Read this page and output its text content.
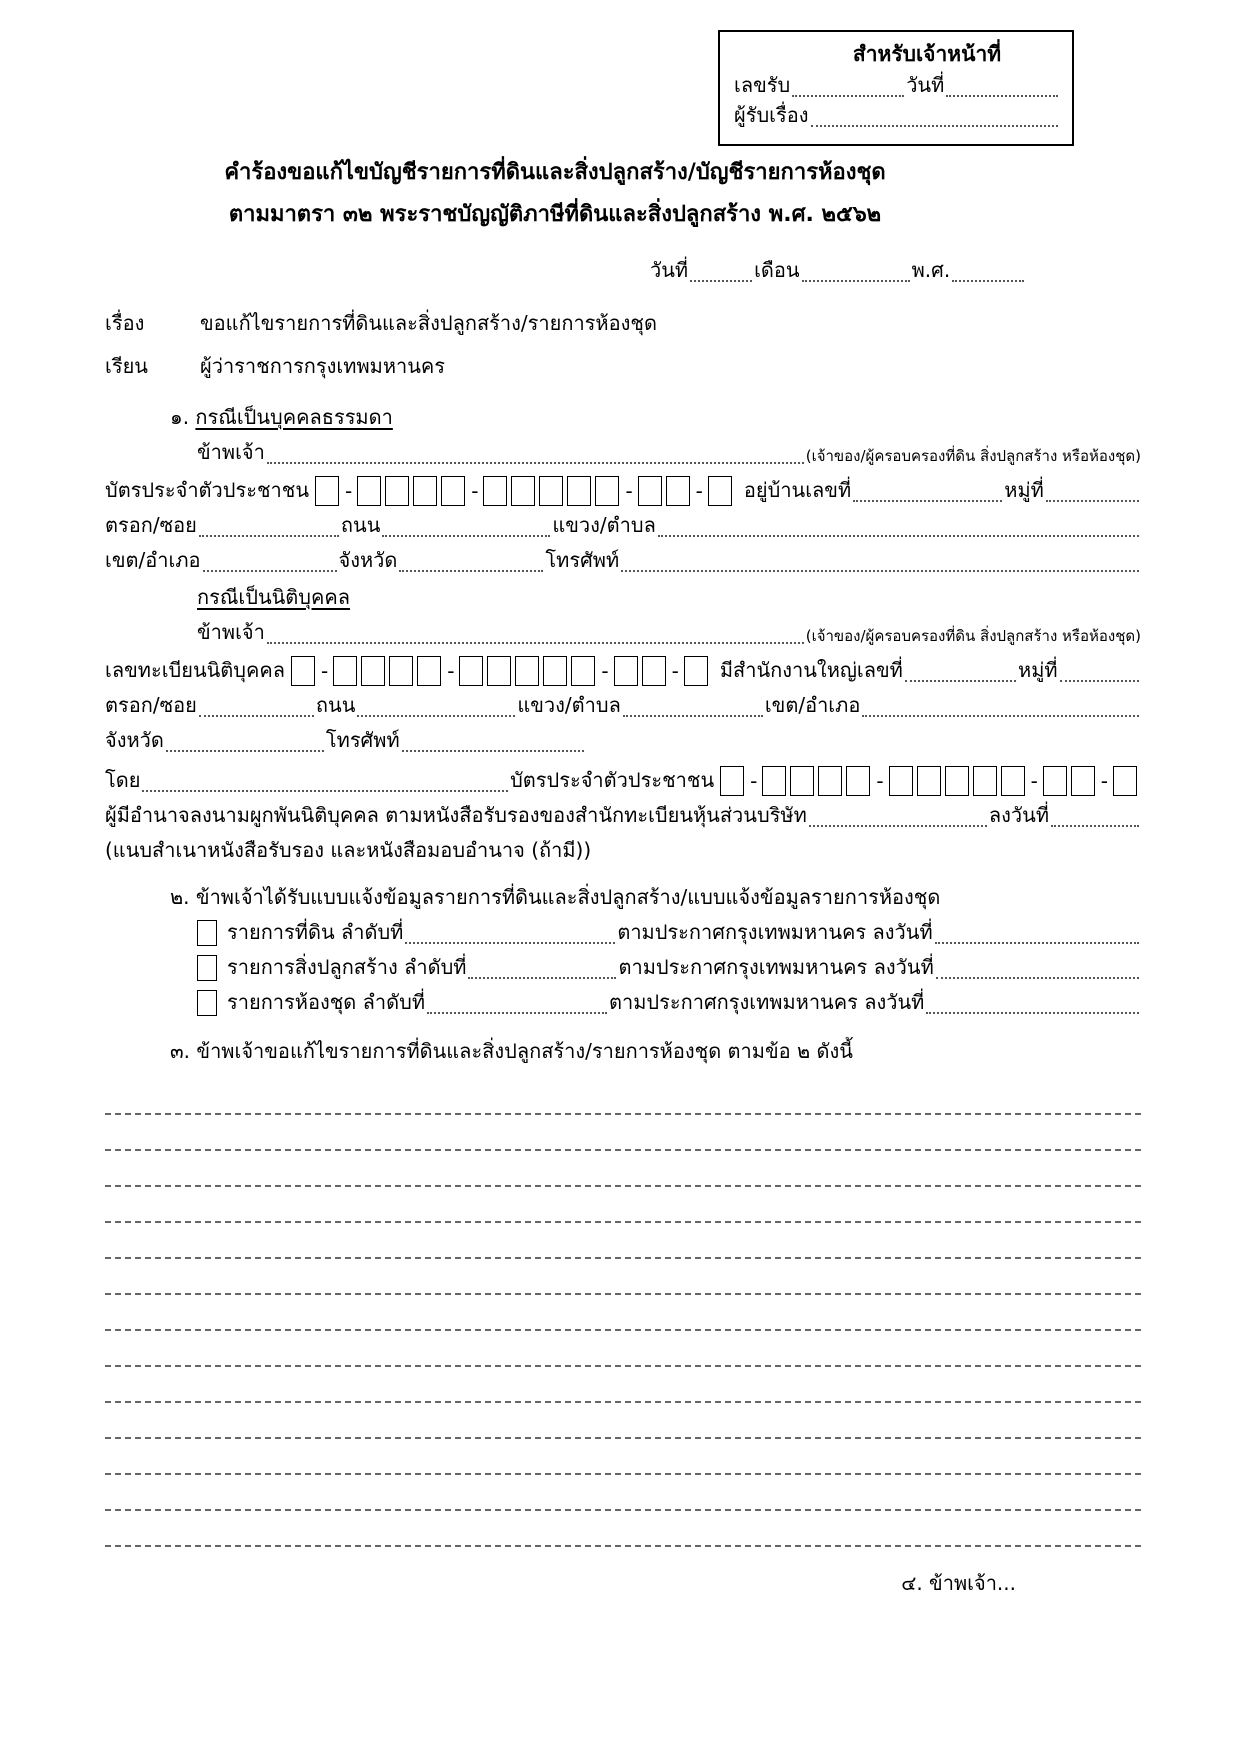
สำหรับเจ้าหน้าที่
เลขรับ	วันที่
ผู้รับเรื่อง
คำร้องขอแก้ไขบัญชีรายการที่ดินและสิ่งปลูกสร้าง/บัญชีรายการห้องชุด
ตามมาตรา ๓๒ พระราชบัญญัติภาษีที่ดินและสิ่งปลูกสร้าง พ.ศ. ๒๕๖๒
วันที่	เดือน	พ.ศ.
เรื่อง	ขอแก้ไขรายการที่ดินและสิ่งปลูกสร้าง/รายการห้องชุด
เรียน	ผู้ว่าราชการกรุงเทพมหานคร
๑.
กรณีเป็นบุคคลธรรมดา
ข้าพเจ้า	(เจ้าของ/ผู้ครอบครองที่ดิน สิ่งปลูกสร้าง หรือห้องชุด)
บัตรประจำตัวประชาชน -	-	-	- อยู่บ้านเลขที่	หมู่ที่
ตรอก/ซอย	ถนน	แขวง/ตำบล
เขต/อำเภอ	จังหวัด	โทรศัพท์
กรณีเป็นนิติบุคคล
ข้าพเจ้า	(เจ้าของ/ผู้ครอบครองที่ดิน สิ่งปลูกสร้าง หรือห้องชุด)
เลขทะเบียนนิติบุคคล -	-	-	- มีสำนักงานใหญ่เลขที่	หมู่ที่
ตรอก/ซอย	ถนน	แขวง/ตำบล	เขต/อำเภอ
จังหวัด	โทรศัพท์
โดย	บัตรประจำตัวประชาชน -	-	-	-
ผู้มีอำนาจลงนามผูกพันนิติบุคคล ตามหนังสือรับรองของสำนักทะเบียนหุ้นส่วนบริษัท	ลงวันที่
(แนบสำเนาหนังสือรับรอง และหนังสือมอบอำนาจ (ถ้ามี))
๒.
ข้าพเจ้าได้รับแบบแจ้งข้อมูลรายการที่ดินและสิ่งปลูกสร้าง/แบบแจ้งข้อมูลรายการห้องชุด
รายการที่ดิน ลำดับที่	ตามประกาศกรุงเทพมหานคร ลงวันที่
รายการสิ่งปลูกสร้าง ลำดับที่	ตามประกาศกรุงเทพมหานคร ลงวันที่
รายการห้องชุด ลำดับที่	ตามประกาศกรุงเทพมหานคร ลงวันที่
๓.
ข้าพเจ้าขอแก้ไขรายการที่ดินและสิ่งปลูกสร้าง/รายการห้องชุด ตามข้อ ๒ ดังนี้
๔. ข้าพเจ้า...
